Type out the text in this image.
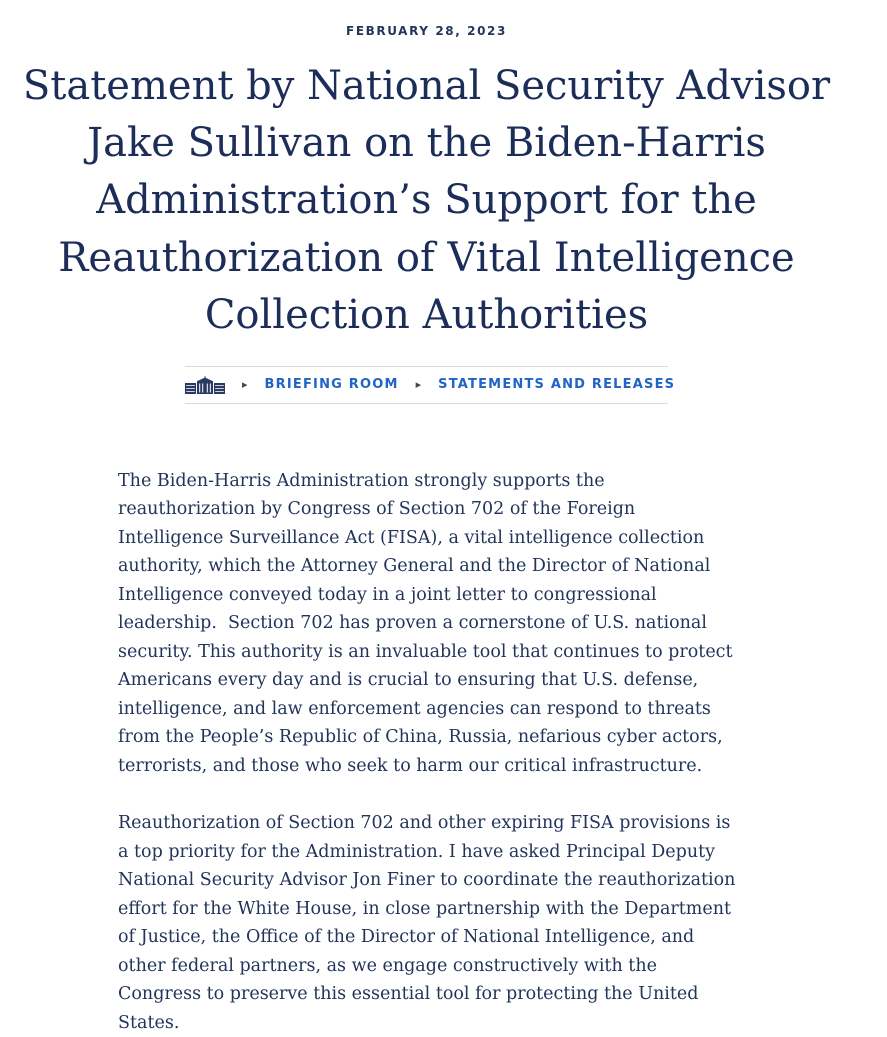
FEBRUARY 28, 2023
Statement by National Security Advisor Jake Sullivan on the Biden-Harris Administration’s Support for the Reauthorization of Vital Intelligence Collection Authorities
▸ BRIEFING ROOM ▸ STATEMENTS AND RELEASES

The Biden-Harris Administration strongly supports the reauthorization by Congress of Section 702 of the Foreign Intelligence Surveillance Act (FISA), a vital intelligence collection authority, which the Attorney General and the Director of National Intelligence conveyed today in a joint letter to congressional leadership.  Section 702 has proven a cornerstone of U.S. national security. This authority is an invaluable tool that continues to protect Americans every day and is crucial to ensuring that U.S. defense, intelligence, and law enforcement agencies can respond to threats from the People’s Republic of China, Russia, nefarious cyber actors, terrorists, and those who seek to harm our critical infrastructure.

Reauthorization of Section 702 and other expiring FISA provisions is a top priority for the Administration. I have asked Principal Deputy National Security Advisor Jon Finer to coordinate the reauthorization effort for the White House, in close partnership with the Department of Justice, the Office of the Director of National Intelligence, and other federal partners, as we engage constructively with the Congress to preserve this essential tool for protecting the United States.
